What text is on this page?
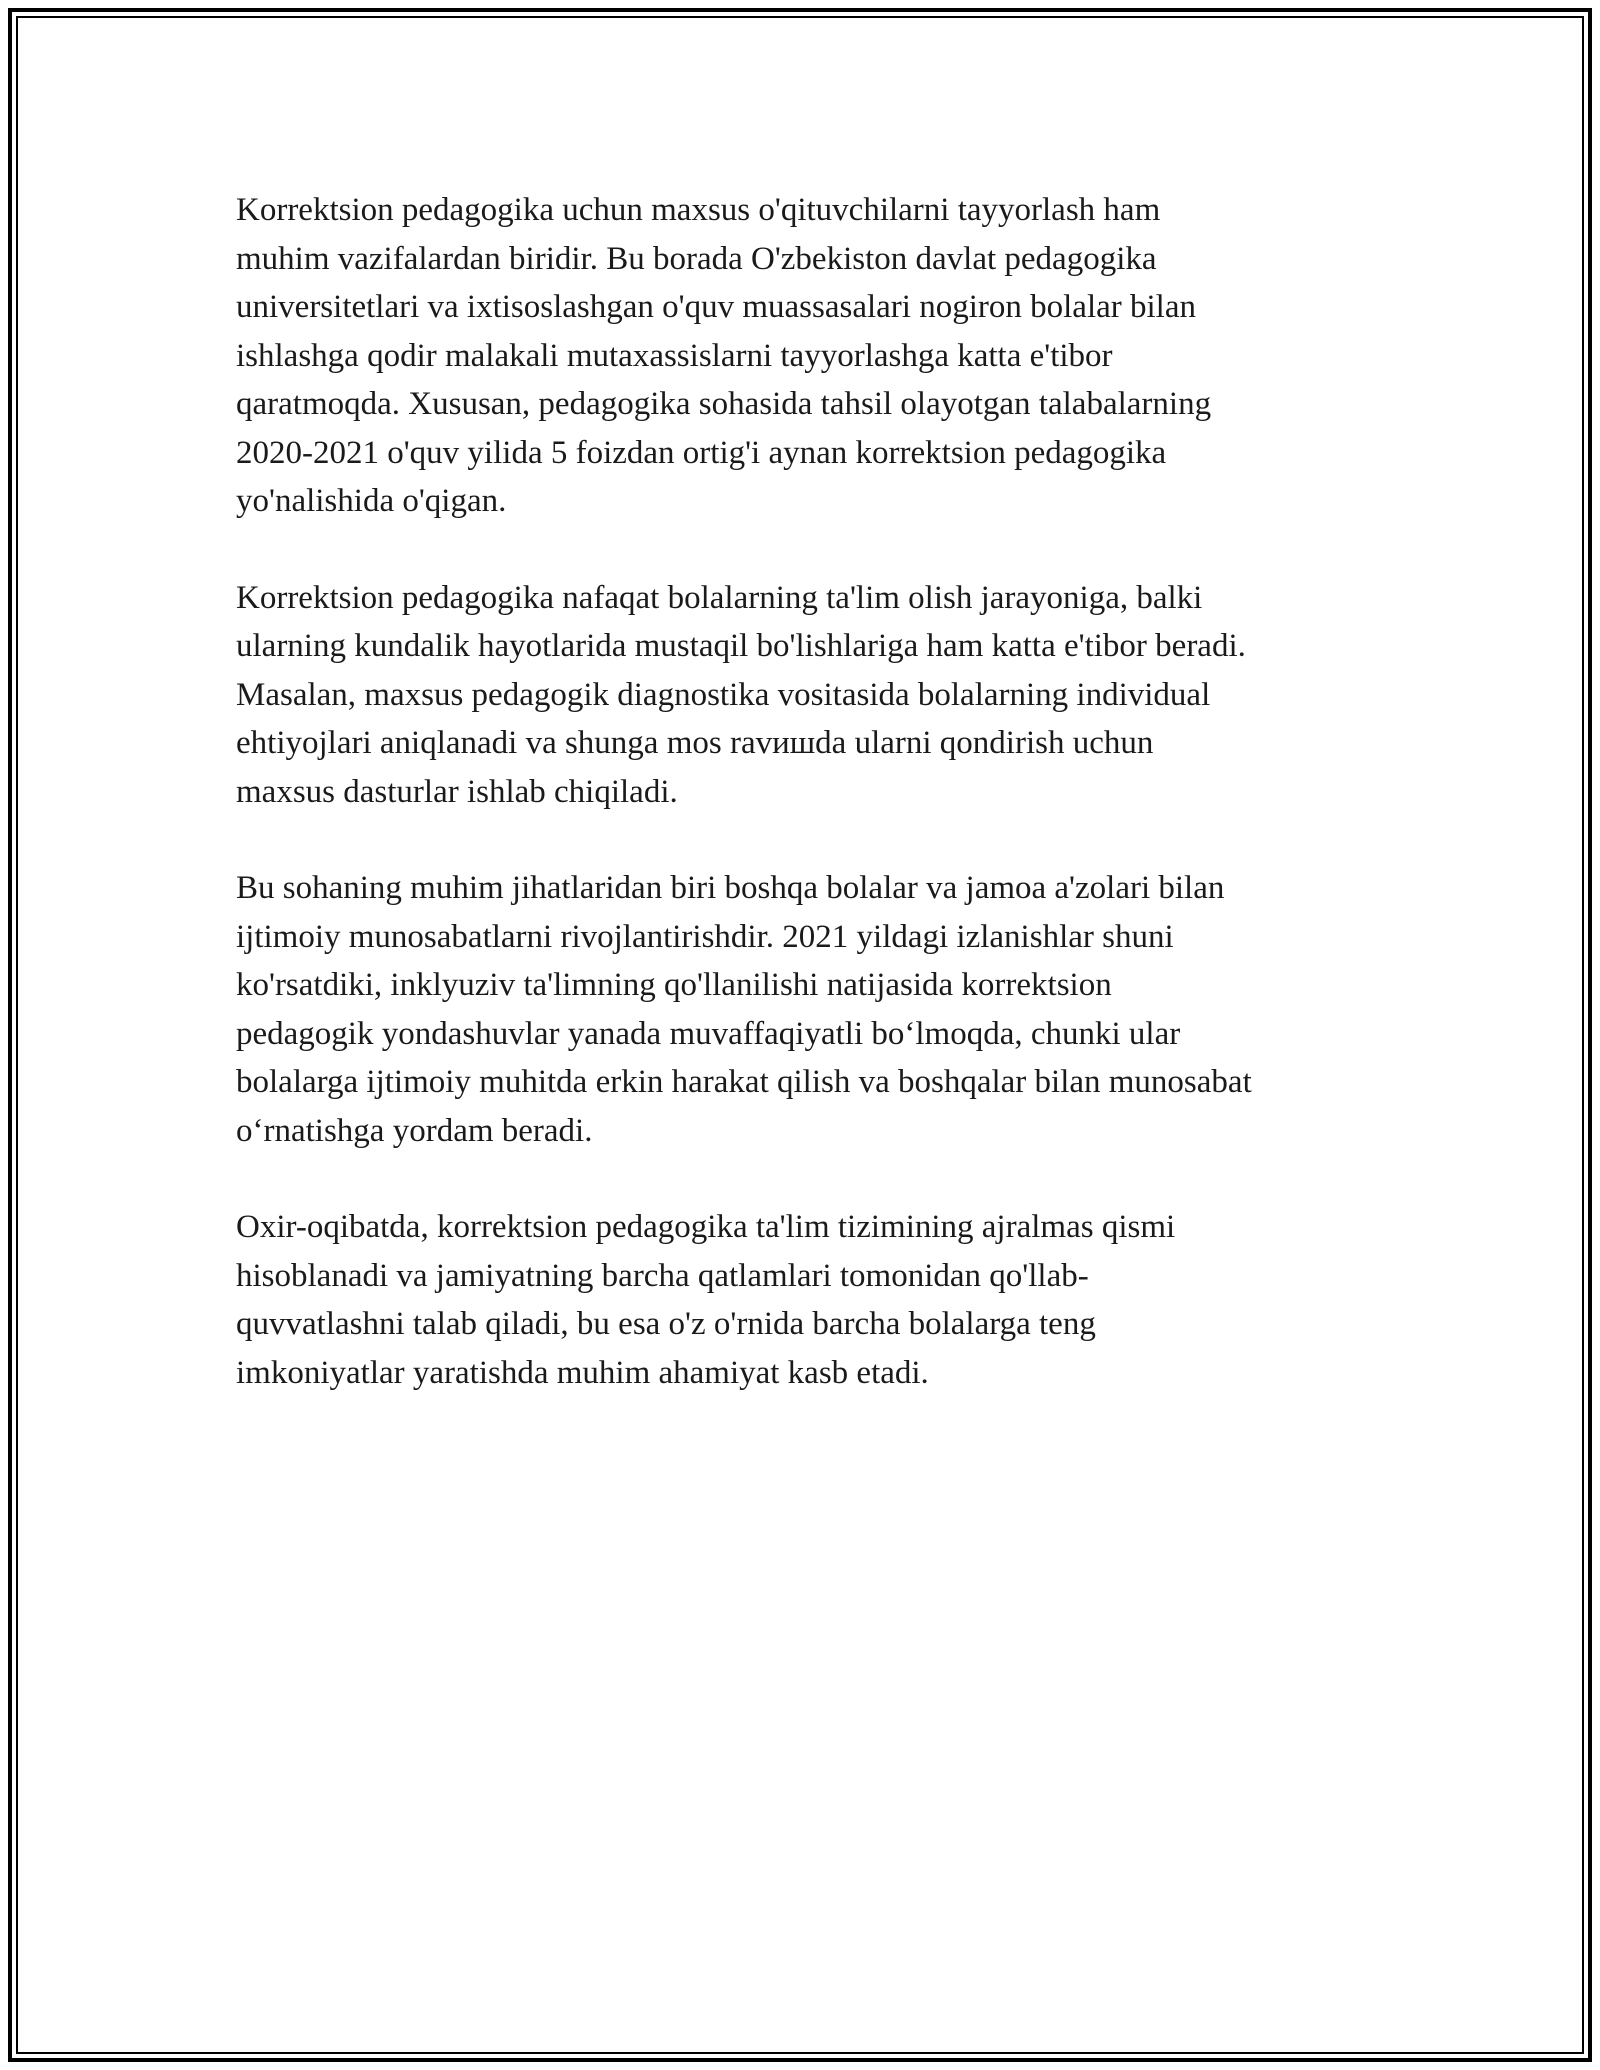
Korrektsion pedagogika uchun maxsus o'qituvchilarni tayyorlash ham
muhim vazifalardan biridir. Bu borada O'zbekiston davlat pedagogika
universitetlari va ixtisoslashgan o'quv muassasalari nogiron bolalar bilan
ishlashga qodir malakali mutaxassislarni tayyorlashga katta e'tibor
qaratmoqda. Xususan, pedagogika sohasida tahsil olayotgan talabalarning
2020-2021 o'quv yilida 5 foizdan ortig'i aynan korrektsion pedagogika
yo'nalishida o'qigan.

Korrektsion pedagogika nafaqat bolalarning ta'lim olish jarayoniga, balki
ularning kundalik hayotlarida mustaqil bo'lishlariga ham katta e'tibor beradi.
Masalan, maxsus pedagogik diagnostika vositasida bolalarning individual
ehtiyojlari aniqlanadi va shunga mos ravишda ularni qondirish uchun
maxsus dasturlar ishlab chiqiladi.

Bu sohaning muhim jihatlaridan biri boshqa bolalar va jamoa a'zolari bilan
ijtimoiy munosabatlarni rivojlantirishdir. 2021 yildagi izlanishlar shuni
ko'rsatdiki, inklyuziv ta'limning qo'llanilishi natijasida korrektsion
pedagogik yondashuvlar yanada muvaffaqiyatli boʻlmoqda, chunki ular
bolalarga ijtimoiy muhitda erkin harakat qilish va boshqalar bilan munosabat
oʻrnatishga yordam beradi.

Oxir-oqibatda, korrektsion pedagogika ta'lim tizimining ajralmas qismi
hisoblanadi va jamiyatning barcha qatlamlari tomonidan qo'llab-
quvvatlashni talab qiladi, bu esa o'z o'rnida barcha bolalarga teng
imkoniyatlar yaratishda muhim ahamiyat kasb etadi.
